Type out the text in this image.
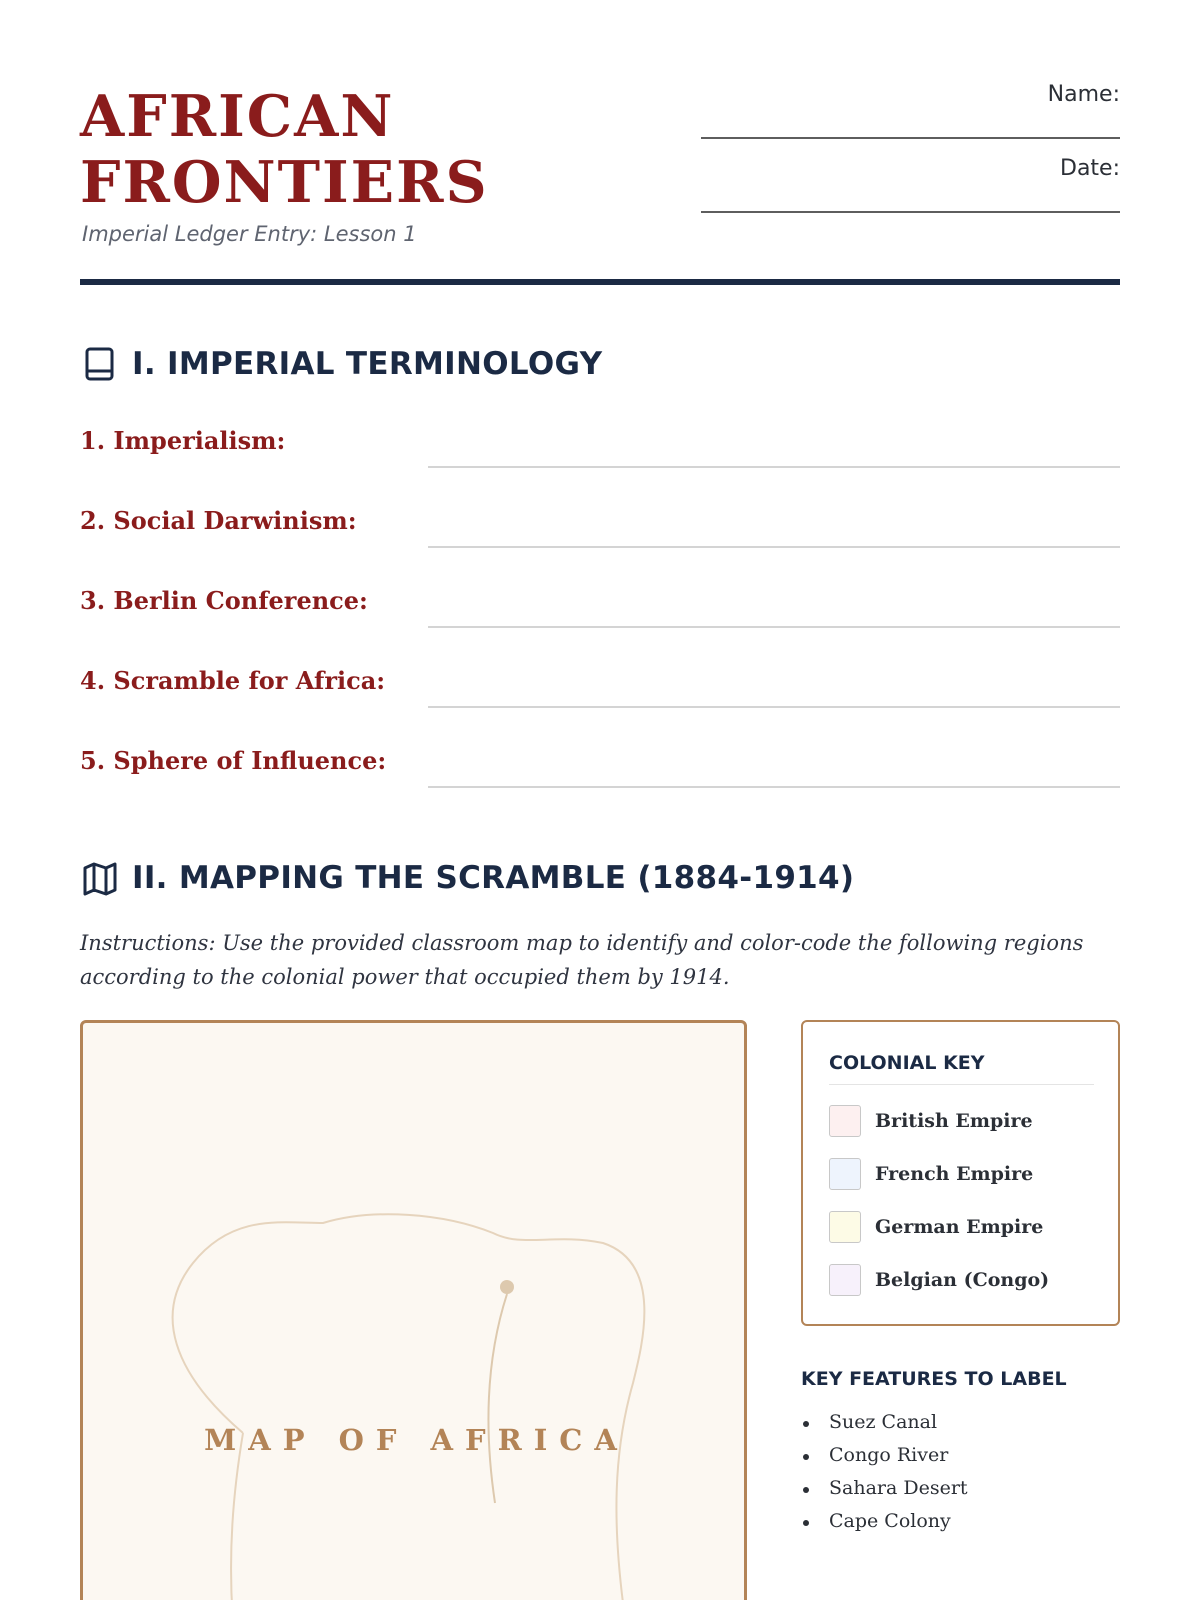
AFRICAN
FRONTIERS
Imperial Ledger Entry: Lesson 1
Name:
Date:
I. IMPERIAL TERMINOLOGY
1. Imperialism:
2. Social Darwinism:
3. Berlin Conference:
4. Scramble for Africa:
5. Sphere of Influence:
II. MAPPING THE SCRAMBLE (1884-1914)
Instructions: Use the provided classroom map to identify and color-code the following regions according to the colonial power that occupied them by 1914.
MAP OF AFRICA
COLONIAL KEY
British Empire
French Empire
German Empire
Belgian (Congo)
KEY FEATURES TO LABEL
Suez Canal
Congo River
Sahara Desert
Cape Colony
